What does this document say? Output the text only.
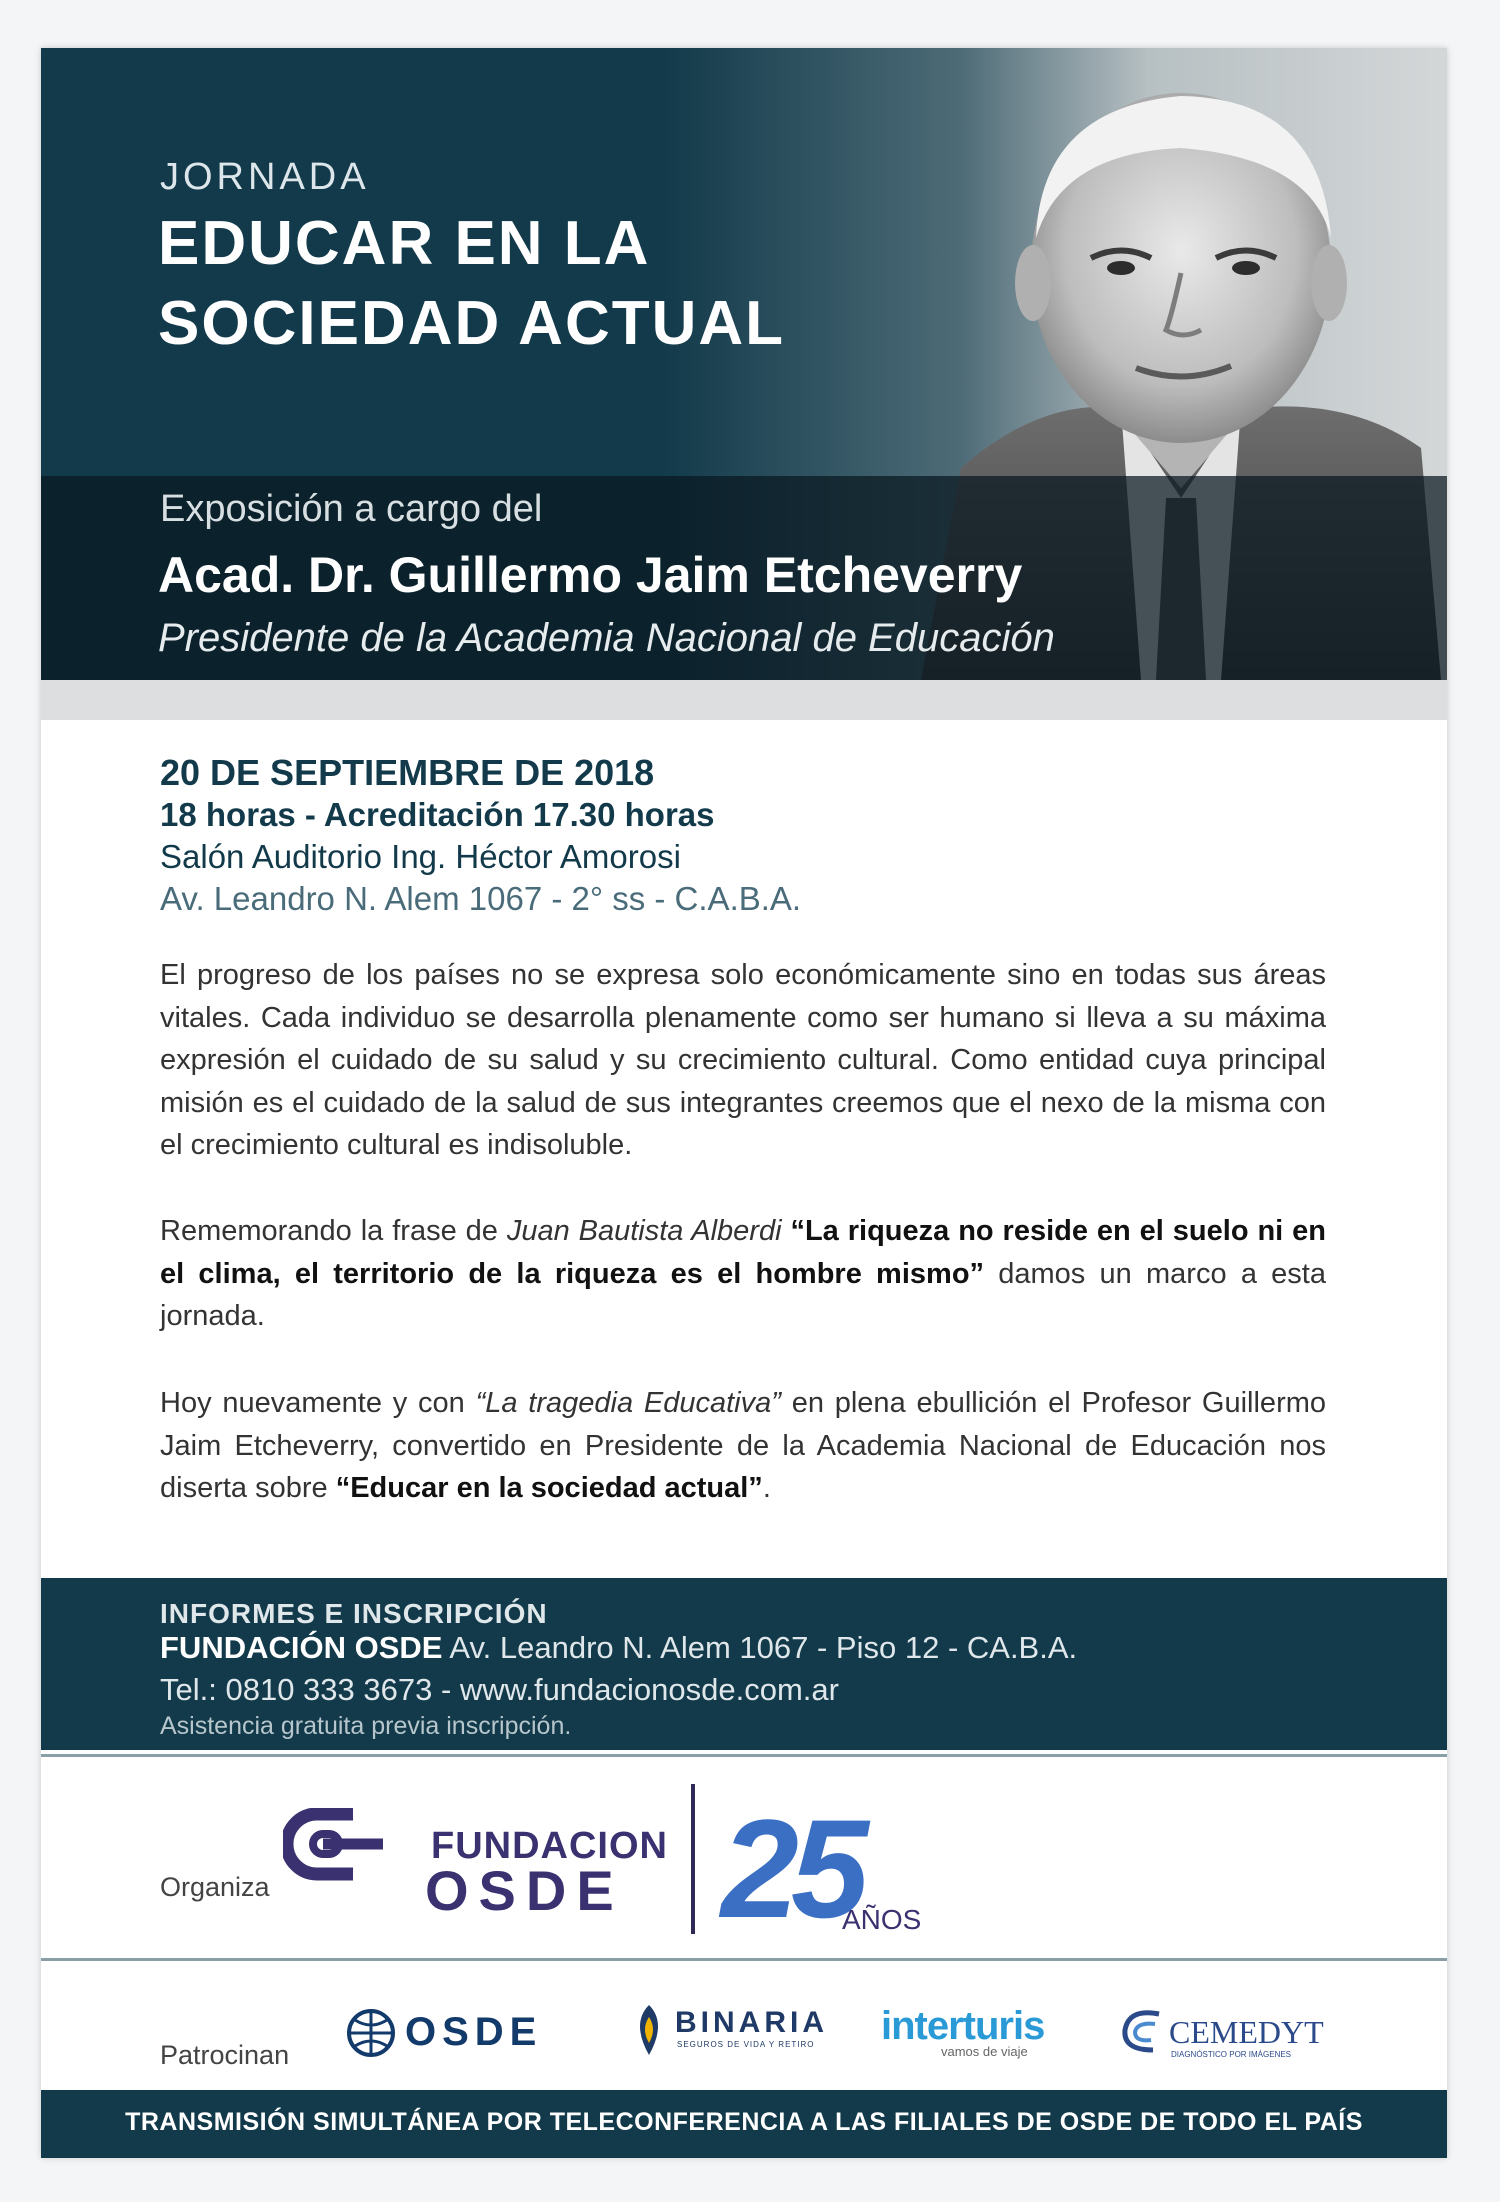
JORNADA
EDUCAR EN LA
SOCIEDAD ACTUAL
Exposición a cargo del
Acad. Dr. Guillermo Jaim Etcheverry
Presidente de la Academia Nacional de Educación
20 DE SEPTIEMBRE DE 2018
18 horas - Acreditación 17.30 horas
Salón Auditorio Ing. Héctor Amorosi
Av. Leandro N. Alem 1067 - 2° ss - C.A.B.A.
El progreso de los países no se expresa solo económicamente sino en todas sus áreas vitales. Cada individuo se desarrolla plenamente como ser humano si lleva a su máxima expresión el cuidado de su salud y su crecimiento cultural. Como entidad cuya principal misión es el cuidado de la salud de sus integrantes creemos que el nexo de la misma con el crecimiento cultural es indisoluble.
Rememorando la frase de Juan Bautista Alberdi “La riqueza no reside en el suelo ni en el clima, el territorio de la riqueza es el hombre mismo” damos un marco a esta jornada.
Hoy nuevamente y con “La tragedia Educativa” en plena ebullición el Profesor Guillermo Jaim Etcheverry, convertido en Presidente de la Academia Nacional de Educación nos diserta sobre “Educar en la sociedad actual”.
INFORMES E INSCRIPCIÓN
FUNDACIÓN OSDE Av. Leandro N. Alem 1067 - Piso 12 - CA.B.A.
Tel.: 0810 333 3673 - www.fundacionosde.com.ar
Asistencia gratuita previa inscripción.
Organiza
FUNDACION
OSDE 25
AÑOS
Patrocinan
OSDE	BINARIA
SEGUROS DE VIDA Y RETIRO interturis
vamos de viaje
CEMEDYT
DIAGNÓSTICO POR IMÁGENES
TRANSMISIÓN SIMULTÁNEA POR TELECONFERENCIA A LAS FILIALES DE OSDE DE TODO EL PAÍS
